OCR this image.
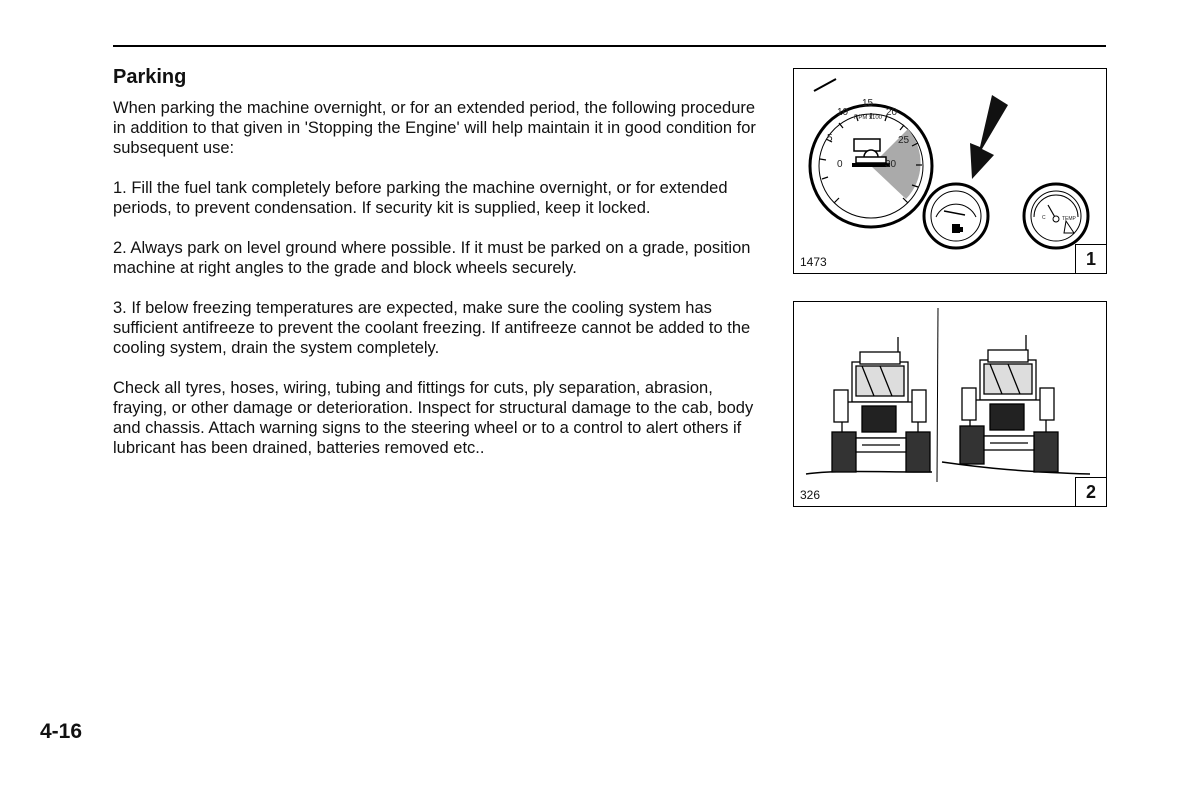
Parking

When parking the machine overnight, or for an extended period, the following procedure in addition to that given in 'Stopping the Engine' will help maintain it in good condition for subsequent use:

1. Fill the fuel tank completely before parking the machine overnight, or for extended periods, to prevent condensation. If security kit is supplied, keep it locked.

2. Always park on level ground where possible. If it must be parked on a grade, position machine at right angles to the grade and block wheels securely.

3. If below freezing temperatures are expected, make sure the cooling system has sufficient antifreeze to prevent the coolant freezing. If antifreeze cannot be added to the cooling system, drain the system completely.

Check all tyres, hoses, wiring, tubing and fittings for cuts, ply separation, abrasion, fraying, or other damage or deterioration. Inspect for structural damage to the cab, body and chassis. Attach warning signs to the steering wheel or to a control to alert others if lubricant has been drained, batteries removed etc..

0
5
10
15
20
25
30
RPM x100
TEMP
C
1473	1
326	2
4-16
